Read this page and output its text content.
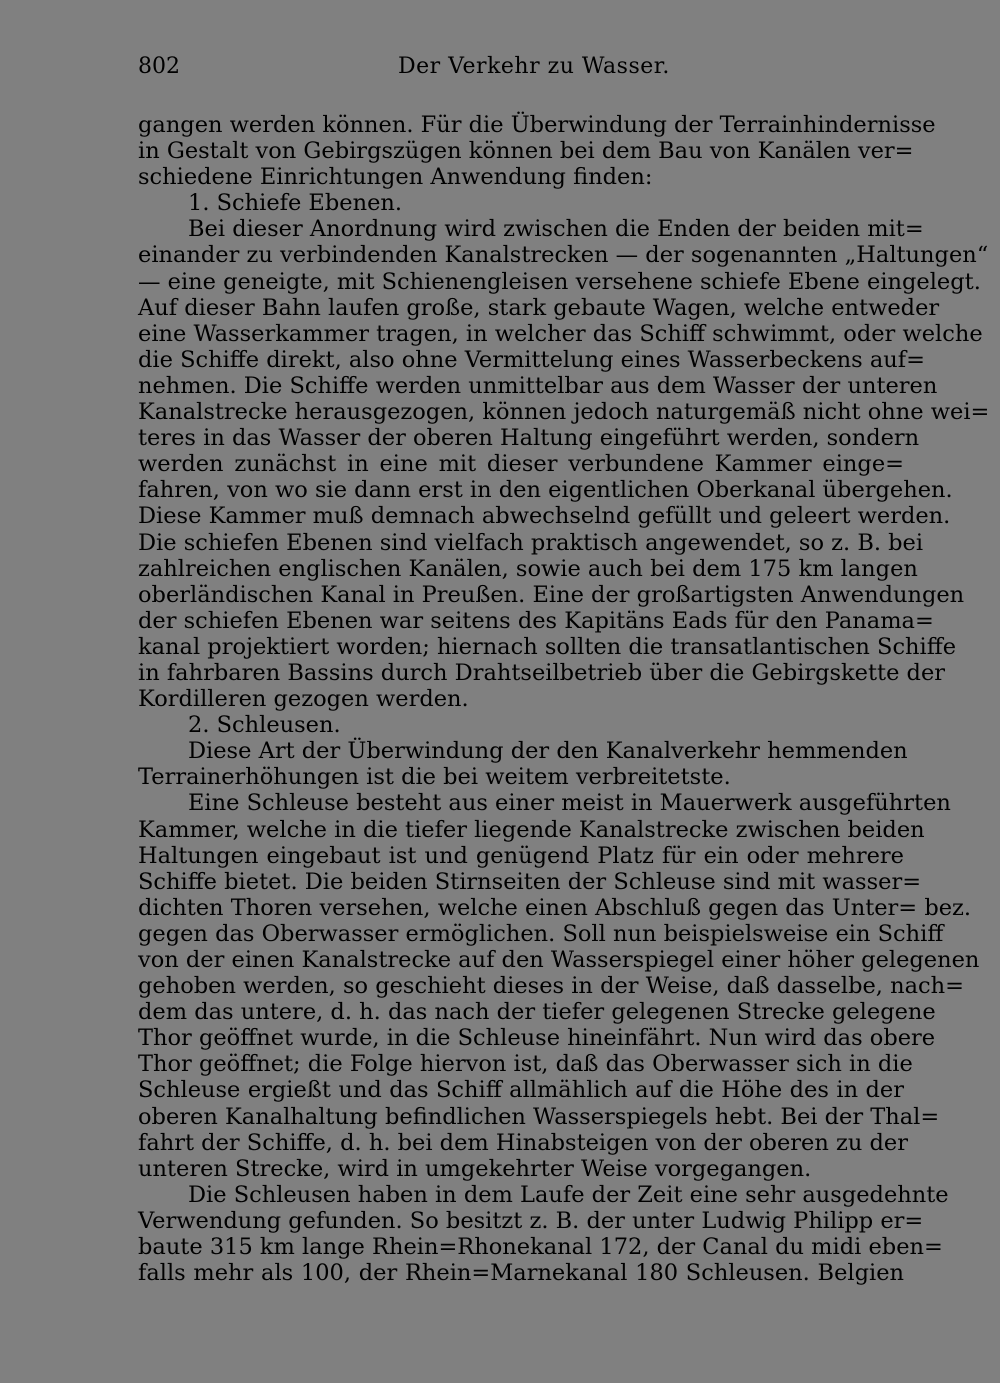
802	Der Verkehr zu Wasser.
gangen werden können. Für die Überwindung der Terrainhindernisse
in Gestalt von Gebirgszügen können bei dem Bau von Kanälen ver=
schiedene Einrichtungen Anwendung finden:
1. Schiefe Ebenen.
Bei dieser Anordnung wird zwischen die Enden der beiden mit=
einander zu verbindenden Kanalstrecken — der sogenannten „Haltungen“
— eine geneigte, mit Schienengleisen versehene schiefe Ebene eingelegt.
Auf dieser Bahn laufen große, stark gebaute Wagen, welche entweder
eine Wasserkammer tragen, in welcher das Schiff schwimmt, oder welche
die Schiffe direkt, also ohne Vermittelung eines Wasserbeckens auf=
nehmen. Die Schiffe werden unmittelbar aus dem Wasser der unteren
Kanalstrecke herausgezogen, können jedoch naturgemäß nicht ohne wei=
teres in das Wasser der oberen Haltung eingeführt werden, sondern
werden zunächst in eine mit dieser verbundene Kammer einge=
fahren, von wo sie dann erst in den eigentlichen Oberkanal übergehen.
Diese Kammer muß demnach abwechselnd gefüllt und geleert werden.
Die schiefen Ebenen sind vielfach praktisch angewendet, so z. B. bei
zahlreichen englischen Kanälen, sowie auch bei dem 175 km langen
oberländischen Kanal in Preußen. Eine der großartigsten Anwendungen
der schiefen Ebenen war seitens des Kapitäns Eads für den Panama=
kanal projektiert worden; hiernach sollten die transatlantischen Schiffe
in fahrbaren Bassins durch Drahtseilbetrieb über die Gebirgskette der
Kordilleren gezogen werden.
2. Schleusen.
Diese Art der Überwindung der den Kanalverkehr hemmenden
Terrainerhöhungen ist die bei weitem verbreitetste.
Eine Schleuse besteht aus einer meist in Mauerwerk ausgeführten
Kammer, welche in die tiefer liegende Kanalstrecke zwischen beiden
Haltungen eingebaut ist und genügend Platz für ein oder mehrere
Schiffe bietet. Die beiden Stirnseiten der Schleuse sind mit wasser=
dichten Thoren versehen, welche einen Abschluß gegen das Unter= bez.
gegen das Oberwasser ermöglichen. Soll nun beispielsweise ein Schiff
von der einen Kanalstrecke auf den Wasserspiegel einer höher gelegenen
gehoben werden, so geschieht dieses in der Weise, daß dasselbe, nach=
dem das untere, d. h. das nach der tiefer gelegenen Strecke gelegene
Thor geöffnet wurde, in die Schleuse hineinfährt. Nun wird das obere
Thor geöffnet; die Folge hiervon ist, daß das Oberwasser sich in die
Schleuse ergießt und das Schiff allmählich auf die Höhe des in der
oberen Kanalhaltung befindlichen Wasserspiegels hebt. Bei der Thal=
fahrt der Schiffe, d. h. bei dem Hinabsteigen von der oberen zu der
unteren Strecke, wird in umgekehrter Weise vorgegangen.
Die Schleusen haben in dem Laufe der Zeit eine sehr ausgedehnte
Verwendung gefunden. So besitzt z. B. der unter Ludwig Philipp er=
baute 315 km lange Rhein=Rhonekanal 172, der Canal du midi eben=
falls mehr als 100, der Rhein=Marnekanal 180 Schleusen. Belgien
